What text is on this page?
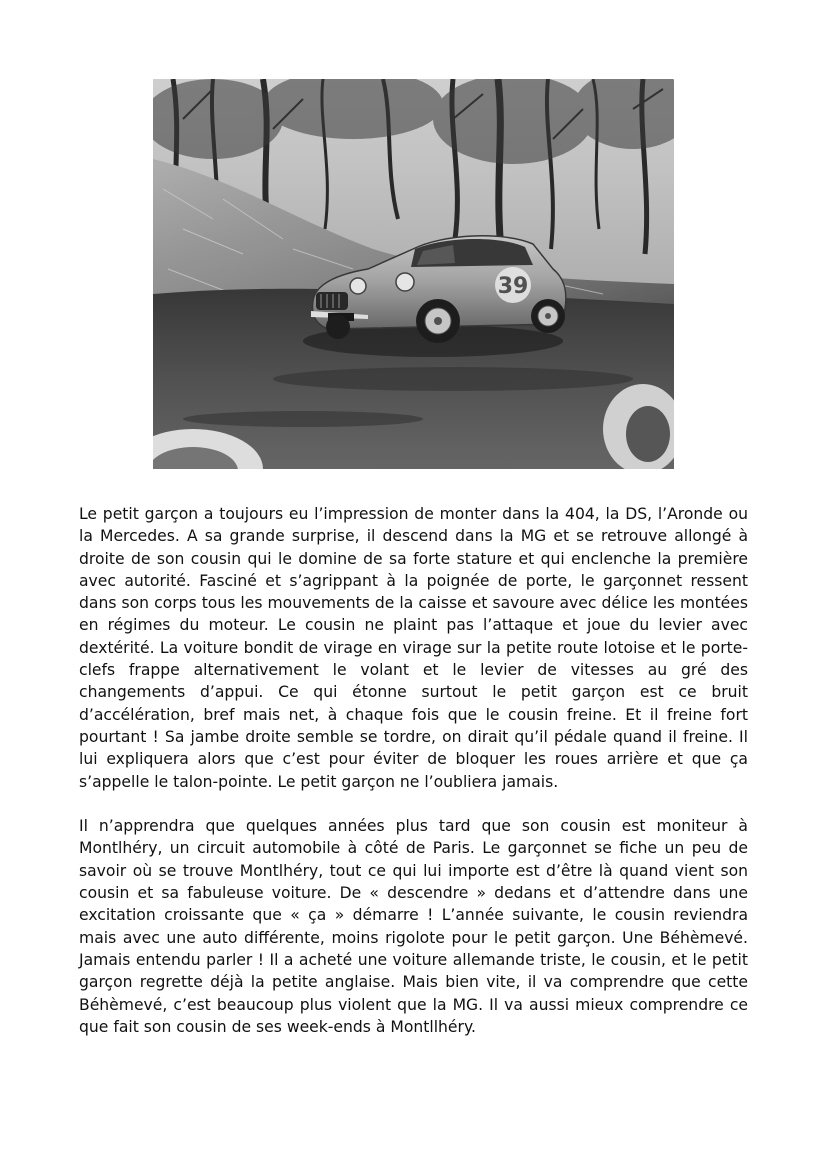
39

Le petit garçon a toujours eu l’impression de monter dans la 404, la DS, l’Aronde ou la Mercedes. A sa grande surprise, il descend dans la MG et se retrouve allongé à droite de son cousin qui le domine de sa forte stature et qui enclenche la première avec autorité. Fasciné et s’agrippant à la poignée de porte, le garçonnet ressent dans son corps tous les mouvements de la caisse et savoure avec délice les montées en régimes du moteur. Le cousin ne plaint pas l’attaque et joue du levier avec dextérité. La voiture bondit de virage en virage sur la petite route lotoise et le porte-clefs frappe alternativement le volant et le levier de vitesses au gré des changements d’appui. Ce qui étonne surtout le petit garçon est ce bruit d’accélération, bref mais net, à chaque fois que le cousin freine. Et il freine fort pourtant ! Sa jambe droite semble se tordre, on dirait qu’il pédale quand il freine. Il lui expliquera alors que c’est pour éviter de bloquer les roues arrière et que ça s’appelle le talon-pointe. Le petit garçon ne l’oubliera jamais.

Il n’apprendra que quelques années plus tard que son cousin est moniteur à Montlhéry, un circuit automobile à côté de Paris. Le garçonnet se fiche un peu de savoir où se trouve Montlhéry, tout ce qui lui importe est d’être là quand vient son cousin et sa fabuleuse voiture. De « descendre » dedans et d’attendre dans une excitation croissante que « ça » démarre ! L’année suivante, le cousin reviendra mais avec une auto différente, moins rigolote pour le petit garçon. Une Béhèmevé. Jamais entendu parler ! Il a acheté une voiture allemande triste, le cousin, et le petit garçon regrette déjà la petite anglaise. Mais bien vite, il va comprendre que cette Béhèmevé, c’est beaucoup plus violent que la MG. Il va aussi mieux comprendre ce que fait son cousin de ses week-ends à Montllhéry.
